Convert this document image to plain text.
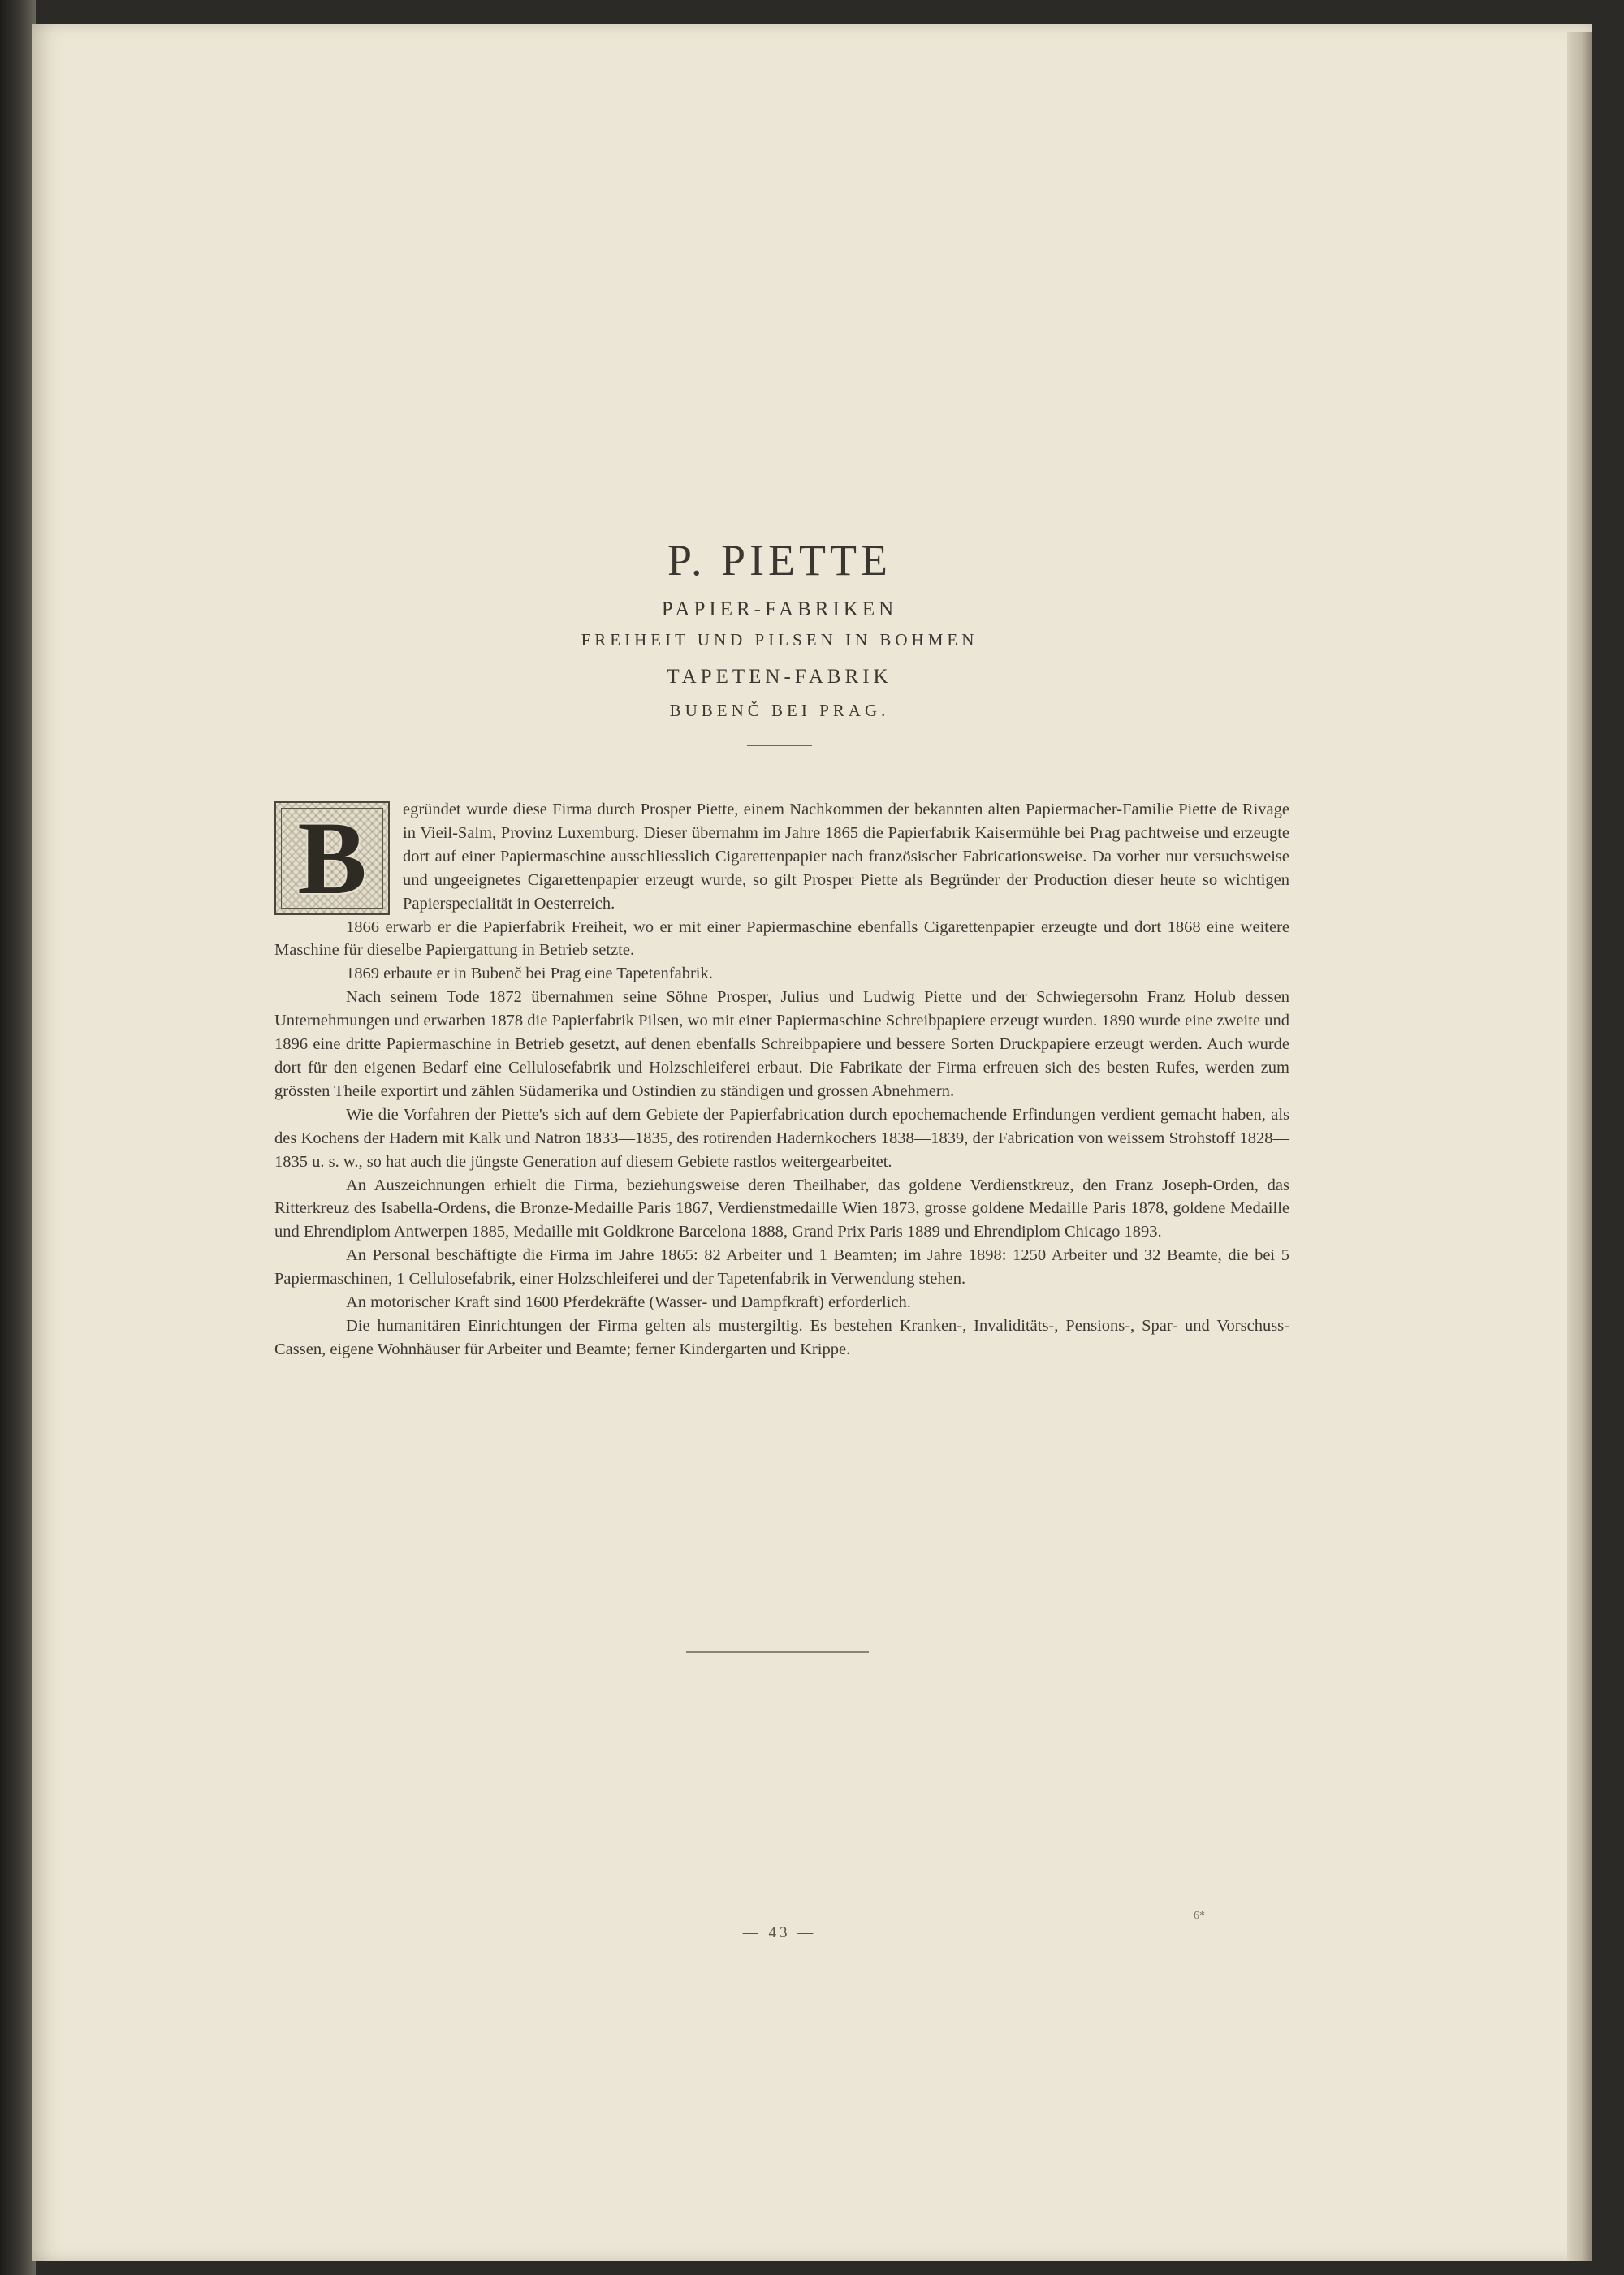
P. PIETTE

PAPIER-FABRIKEN

FREIHEIT UND PILSEN IN BOHMEN

TAPETEN-FABRIK

BUBENČ BEI PRAG.

B	egründet wurde diese Firma durch Prosper Piette, einem Nachkommen der bekannten alten Papiermacher-Familie Piette de Rivage in Vieil-Salm, Provinz Luxemburg. Dieser übernahm im Jahre 1865 die Papierfabrik Kaisermühle bei Prag pachtweise und erzeugte dort auf einer Papiermaschine ausschliesslich Cigarettenpapier nach französischer Fabricationsweise. Da vorher nur versuchsweise und ungeeignetes Cigarettenpapier erzeugt wurde, so gilt Prosper Piette als Begründer der Production dieser heute so wichtigen Papierspecialität in Oesterreich.

1866 erwarb er die Papierfabrik Freiheit, wo er mit einer Papiermaschine ebenfalls Cigarettenpapier erzeugte und dort 1868 eine weitere Maschine für dieselbe Papiergattung in Betrieb setzte.

1869 erbaute er in Bubenč bei Prag eine Tapetenfabrik.

Nach seinem Tode 1872 übernahmen seine Söhne Prosper, Julius und Ludwig Piette und der Schwiegersohn Franz Holub dessen Unternehmungen und erwarben 1878 die Papierfabrik Pilsen, wo mit einer Papiermaschine Schreibpapiere erzeugt wurden. 1890 wurde eine zweite und 1896 eine dritte Papiermaschine in Betrieb gesetzt, auf denen ebenfalls Schreibpapiere und bessere Sorten Druckpapiere erzeugt werden. Auch wurde dort für den eigenen Bedarf eine Cellulosefabrik und Holzschleiferei erbaut. Die Fabrikate der Firma erfreuen sich des besten Rufes, werden zum grössten Theile exportirt und zählen Südamerika und Ostindien zu ständigen und grossen Abnehmern.

Wie die Vorfahren der Piette's sich auf dem Gebiete der Papierfabrication durch epochemachende Erfindungen verdient gemacht haben, als des Kochens der Hadern mit Kalk und Natron 1833—1835, des rotirenden Hadernkochers 1838—1839, der Fabrication von weissem Strohstoff 1828—1835 u. s. w., so hat auch die jüngste Generation auf diesem Gebiete rastlos weitergearbeitet.

An Auszeichnungen erhielt die Firma, beziehungsweise deren Theilhaber, das goldene Verdienstkreuz, den Franz Joseph-Orden, das Ritterkreuz des Isabella-Ordens, die Bronze-Medaille Paris 1867, Verdienstmedaille Wien 1873, grosse goldene Medaille Paris 1878, goldene Medaille und Ehrendiplom Antwerpen 1885, Medaille mit Goldkrone Barcelona 1888, Grand Prix Paris 1889 und Ehrendiplom Chicago 1893.

An Personal beschäftigte die Firma im Jahre 1865: 82 Arbeiter und 1 Beamten; im Jahre 1898: 1250 Arbeiter und 32 Beamte, die bei 5 Papiermaschinen, 1 Cellulosefabrik, einer Holzschleiferei und der Tapetenfabrik in Verwendung stehen.

An motorischer Kraft sind 1600 Pferdekräfte (Wasser- und Dampfkraft) erforderlich.

Die humanitären Einrichtungen der Firma gelten als mustergiltig. Es bestehen Kranken-, Invaliditäts-, Pensions-, Spar- und Vorschuss-Cassen, eigene Wohnhäuser für Arbeiter und Beamte; ferner Kindergarten und Krippe.

— 43 —
6*
